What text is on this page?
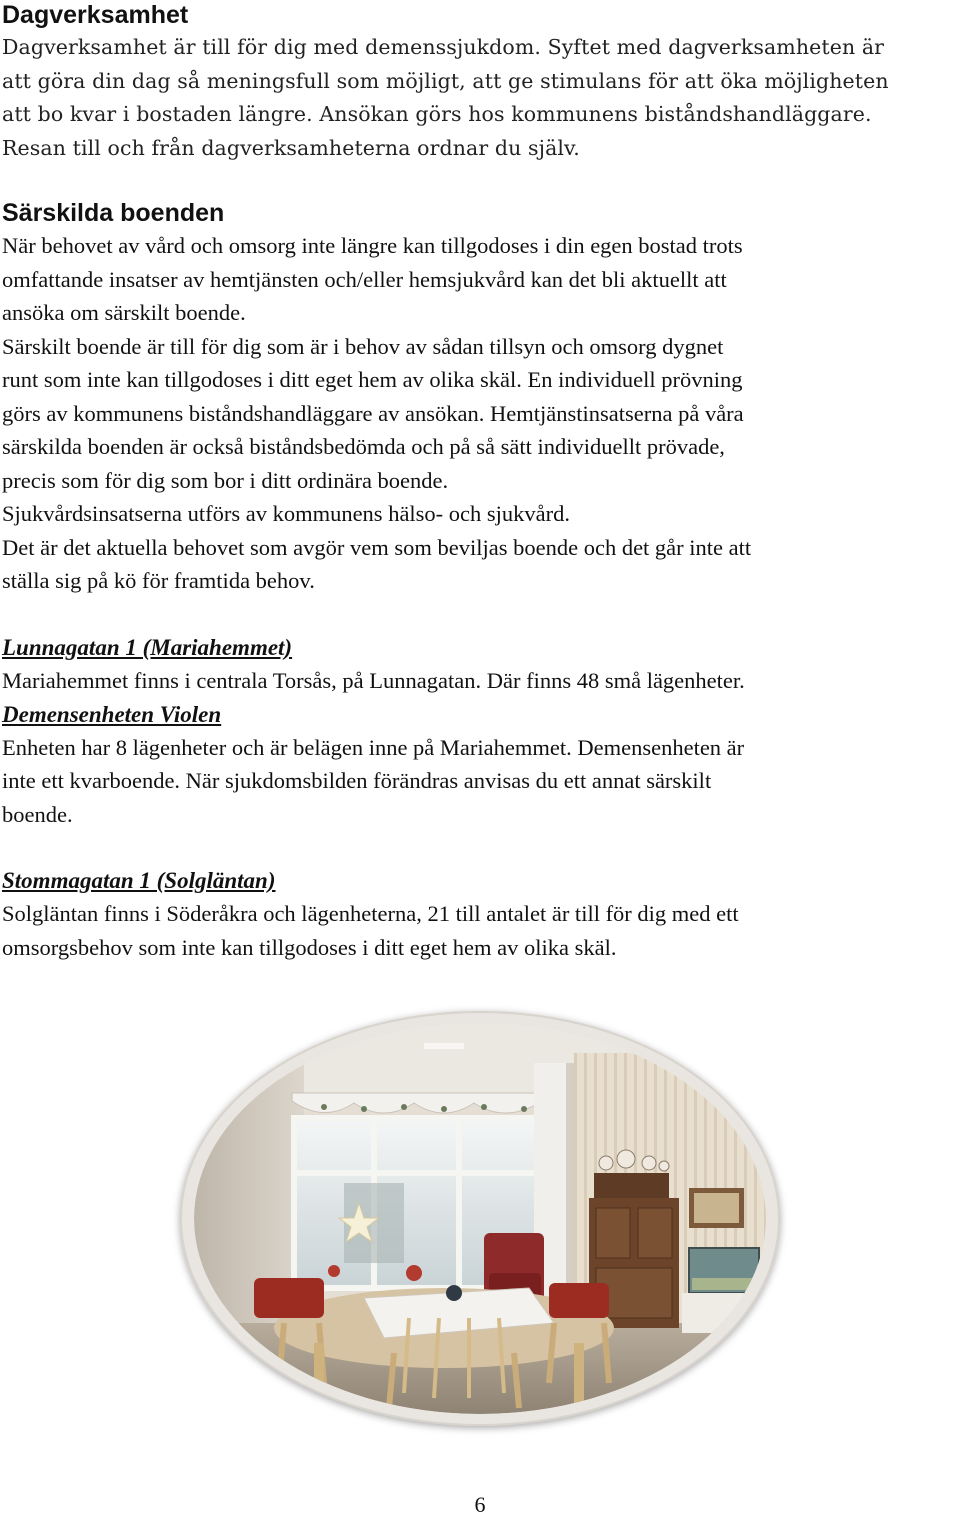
Dagverksamhet

Dagverksamhet är till för dig med demenssjukdom. Syftet med dagverksamheten är
att göra din dag så meningsfull som möjligt, att ge stimulans för att öka möjligheten
att bo kvar i bostaden längre. Ansökan görs hos kommunens biståndshandläggare.
Resan till och från dagverksamheterna ordnar du själv.

Särskilda boenden

När behovet av vård och omsorg inte längre kan tillgodoses i din egen bostad trots
omfattande insatser av hemtjänsten och/eller hemsjukvård kan det bli aktuellt att
ansöka om särskilt boende.
Särskilt boende är till för dig som är i behov av sådan tillsyn och omsorg dygnet
runt som inte kan tillgodoses i ditt eget hem av olika skäl. En individuell prövning
görs av kommunens biståndshandläggare av ansökan. Hemtjänstinsatserna på våra
särskilda boenden är också biståndsbedömda och på så sätt individuellt prövade,
precis som för dig som bor i ditt ordinära boende.
Sjukvårdsinsatserna utförs av kommunens hälso- och sjukvård.
Det är det aktuella behovet som avgör vem som beviljas boende och det går inte att
ställa sig på kö för framtida behov.

Lunnagatan 1 (Mariahemmet)

Mariahemmet finns i centrala Torsås, på Lunnagatan. Där finns 48 små lägenheter.

Demensenheten Violen

Enheten har 8 lägenheter och är belägen inne på Mariahemmet. Demensenheten är
inte ett kvarboende. När sjukdomsbilden förändras anvisas du ett annat särskilt
boende.

Stommagatan 1 (Solgläntan)

Solgläntan finns i Söderåkra och lägenheterna, 21 till antalet är till för dig med ett
omsorgsbehov som inte kan tillgodoses i ditt eget hem av olika skäl.

6
